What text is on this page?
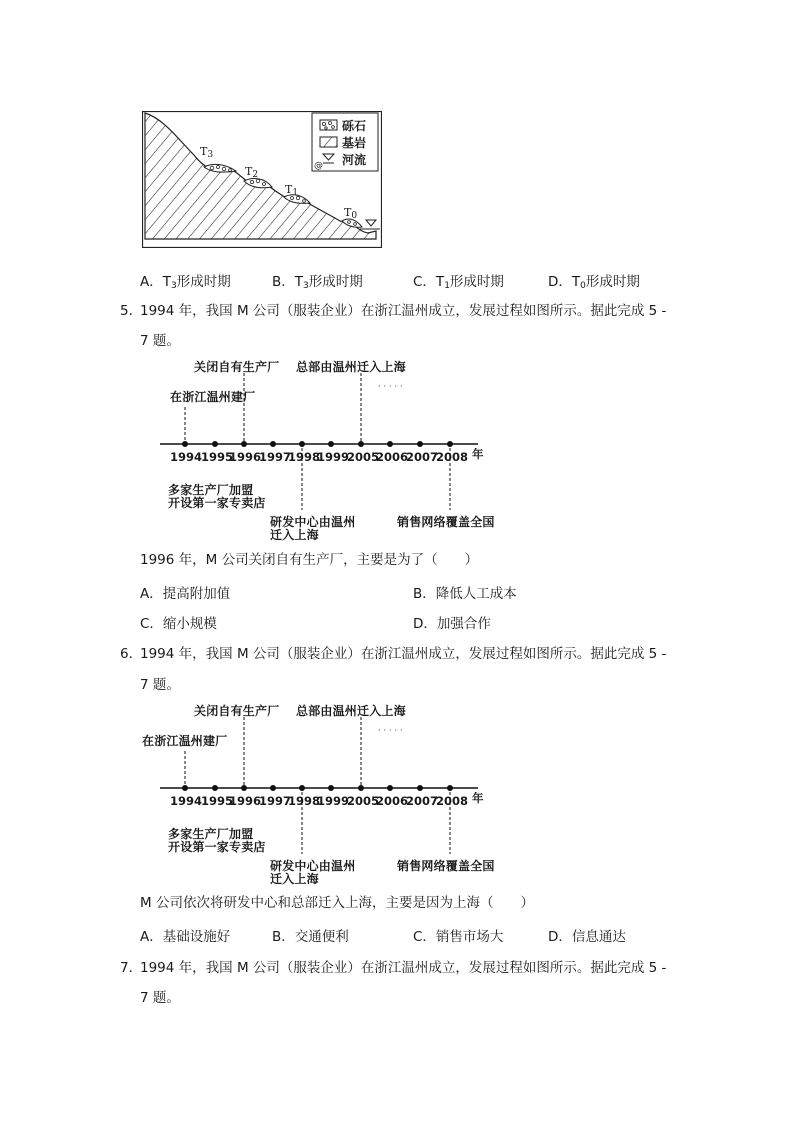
砾石
基岩
河流
@
$T_3$
$T_2$
$T_1$
$T_0$
A．$T_3$形成时期	B．$T_3$形成时期	C．$T_1$形成时期	D．$T_0$形成时期
5．
1994 年，我国 M 公司（服装企业）在浙江温州成立，发展过程如图所示。据此完成 5 -
7 题。
关闭自有生产厂 总部由温州迁入上海
· · · · ·
在浙江温州建厂
1994
1995
1996
1997
1998
1999
2005
2006
2007
2008 年
多家生产厂加盟
开设第一家专卖店
研发中心由温州
迁入上海
销售网络覆盖全国
1996 年，M 公司关闭自有生产厂，主要是为了（　　）
A．提高附加值	B．降低人工成本
C．缩小规模	D．加强合作
6．
1994 年，我国 M 公司（服装企业）在浙江温州成立，发展过程如图所示。据此完成 5 -
7 题。
关闭自有生产厂 总部由温州迁入上海
· · · · ·
在浙江温州建厂
1994
1995
1996
1997
1998
1999
2005
2006
2007
2008 年
多家生产厂加盟
开设第一家专卖店
研发中心由温州
迁入上海
销售网络覆盖全国
M 公司依次将研发中心和总部迁入上海，主要是因为上海（　　）
A．基础设施好	B．交通便利	C．销售市场大	D．信息通达
7．
1994 年，我国 M 公司（服装企业）在浙江温州成立，发展过程如图所示。据此完成 5 -
7 题。
